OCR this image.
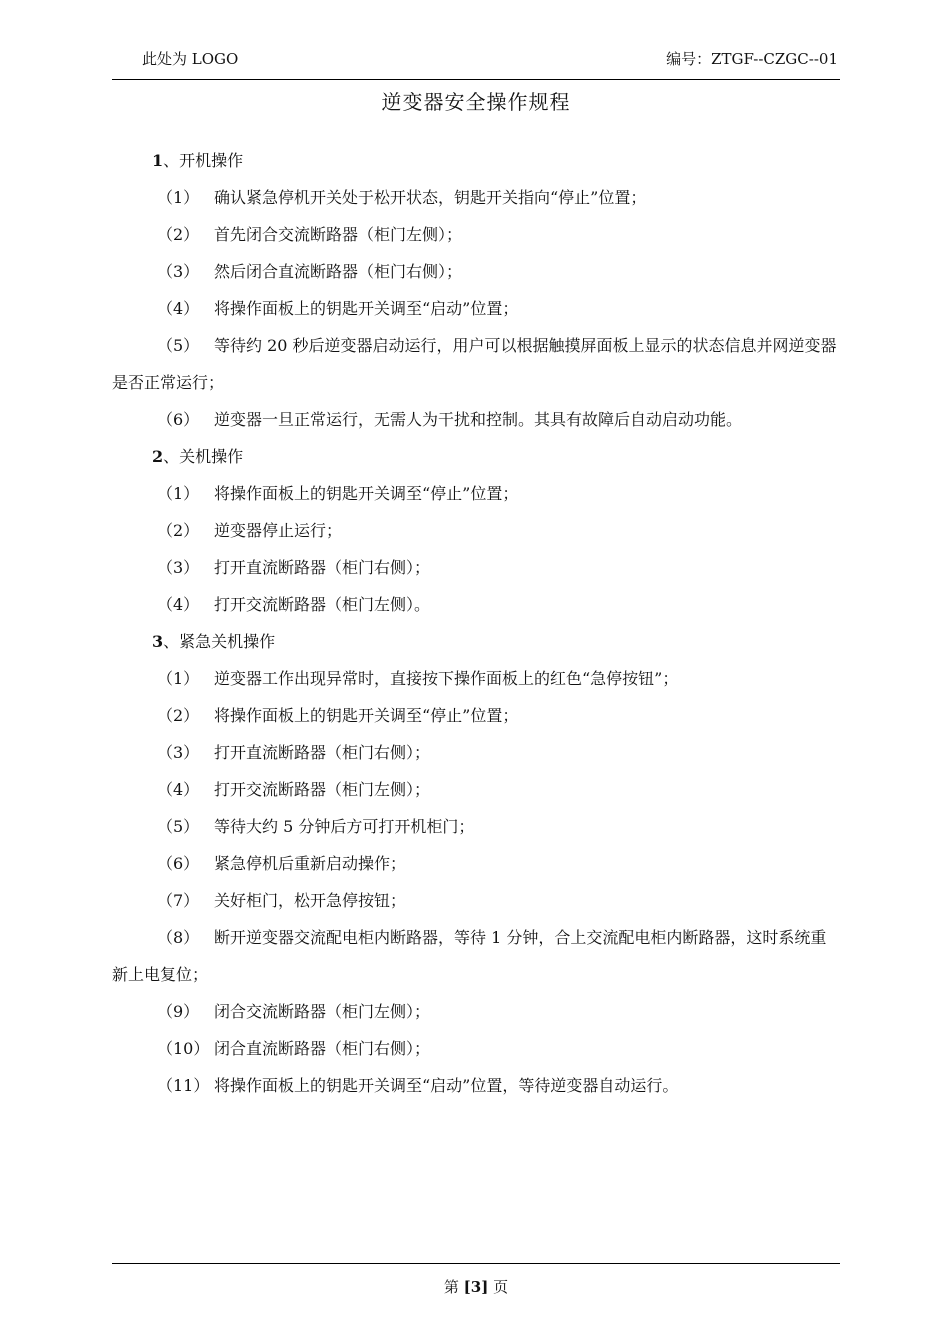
此处为 LOGO	编号：ZTGF--CZGC--01
逆变器安全操作规程
1、开机操作
（1） 确认紧急停机开关处于松开状态，钥匙开关指向“停止”位置；
（2） 首先闭合交流断路器（柜门左侧）；
（3） 然后闭合直流断路器（柜门右侧）；
（4） 将操作面板上的钥匙开关调至“启动”位置；
（5） 等待约 20 秒后逆变器启动运行，用户可以根据触摸屏面板上显示的状态信息并网逆变器是否正常运行；
（6） 逆变器一旦正常运行，无需人为干扰和控制。其具有故障后自动启动功能。
2、关机操作
（1） 将操作面板上的钥匙开关调至“停止”位置；
（2） 逆变器停止运行；
（3） 打开直流断路器（柜门右侧）；
（4） 打开交流断路器（柜门左侧）。
3、紧急关机操作
（1） 逆变器工作出现异常时，直接按下操作面板上的红色“急停按钮”；
（2） 将操作面板上的钥匙开关调至“停止”位置；
（3） 打开直流断路器（柜门右侧）；
（4） 打开交流断路器（柜门左侧）；
（5） 等待大约 5 分钟后方可打开机柜门；
（6） 紧急停机后重新启动操作；
（7） 关好柜门，松开急停按钮；
（8） 断开逆变器交流配电柜内断路器，等待 1 分钟，合上交流配电柜内断路器，这时系统重新上电复位；
（9） 闭合交流断路器（柜门左侧）；
（10） 闭合直流断路器（柜门右侧）；
（11） 将操作面板上的钥匙开关调至“启动”位置，等待逆变器自动运行。
第 [3] 页
